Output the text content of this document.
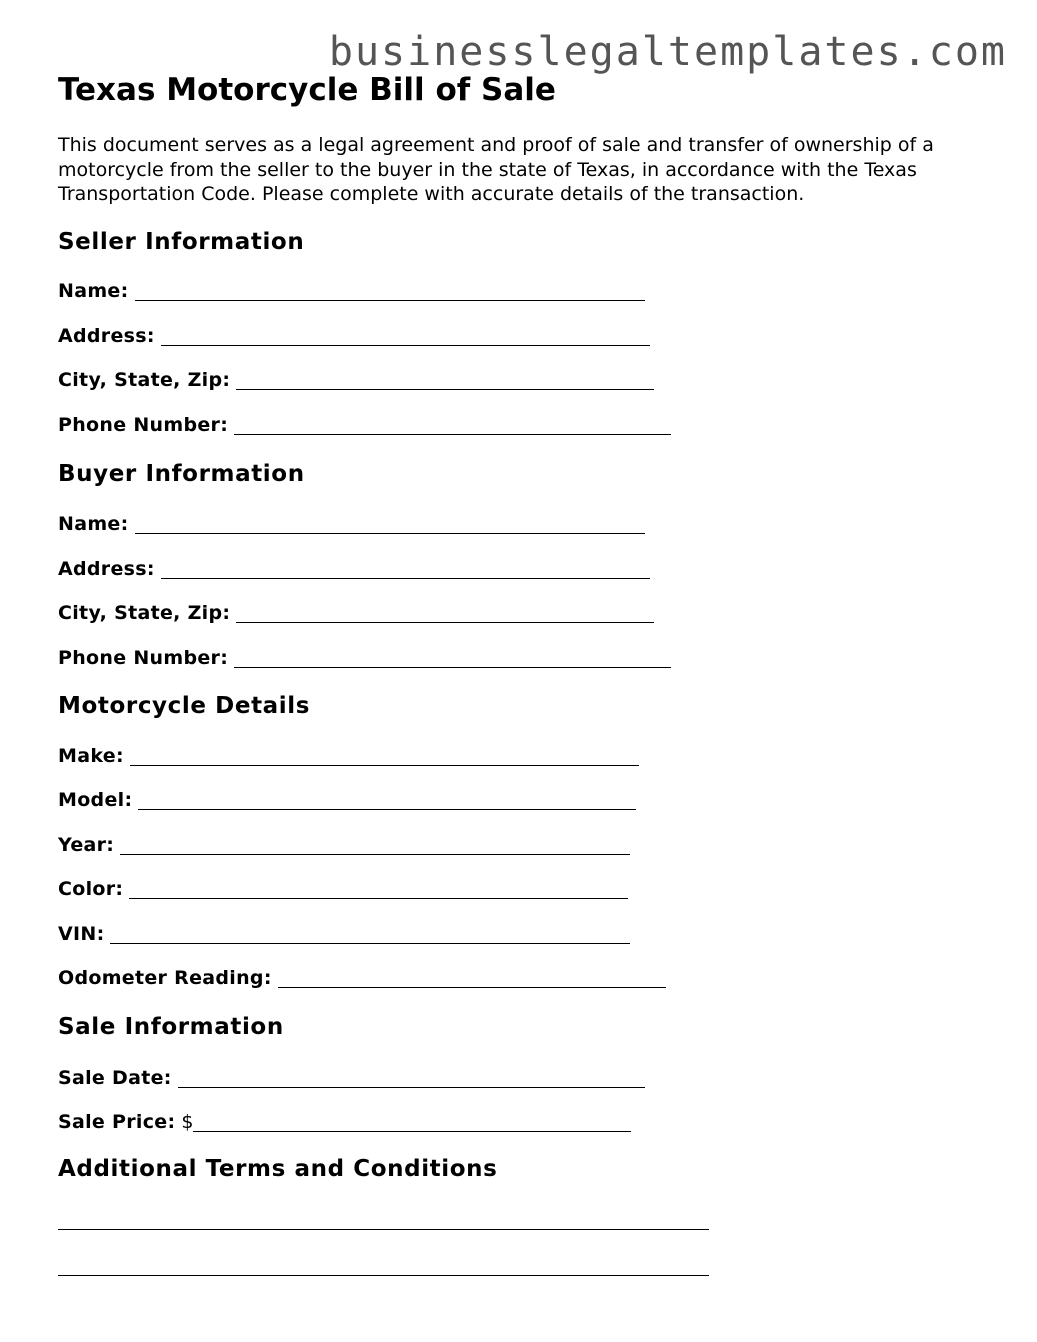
businesslegaltemplates.com
Texas Motorcycle Bill of Sale

This document serves as a legal agreement and proof of sale and transfer of ownership of a motorcycle from the seller to the buyer in the state of Texas, in accordance with the Texas Transportation Code. Please complete with accurate details of the transaction.

Seller Information
Name:
Address:
City, State, Zip:
Phone Number:
Buyer Information
Name:
Address:
City, State, Zip:
Phone Number:
Motorcycle Details
Make:
Model:
Year:
Color:
VIN:
Odometer Reading:
Sale Information
Sale Date:
Sale Price: $
Additional Terms and Conditions
